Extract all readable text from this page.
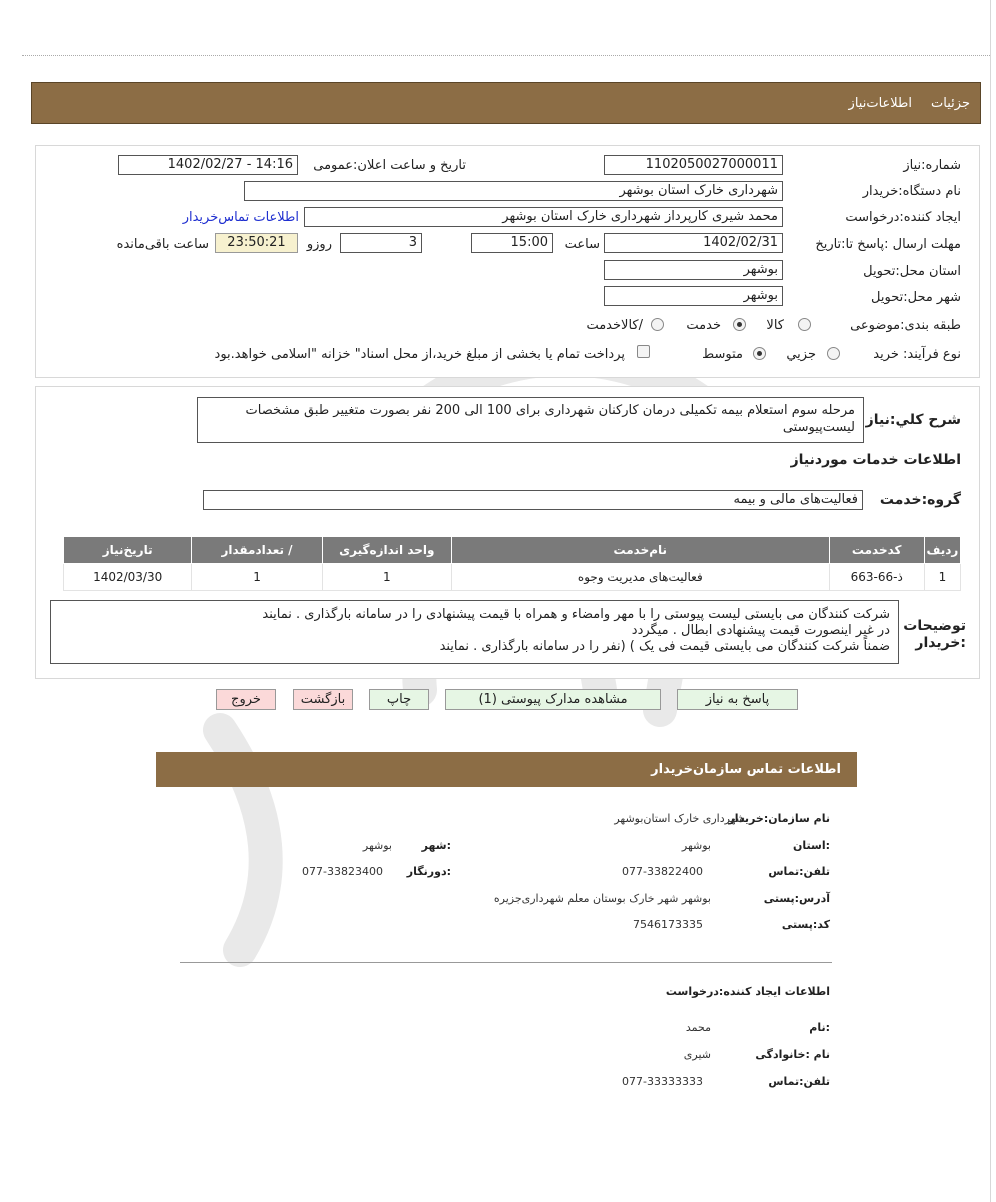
جزئیات
اطلاعات‌نیاز
شماره:نیاز
1102050027000011
تاریخ و ساعت اعلان:عمومی
1402/02/27 - 14:16
نام دستگاه:خریدار
شهرداری خارک استان بوشهر
ایجاد کننده:درخواست
محمد شیری کارپرداز شهرداری خارک استان بوشهر
اطلاعات تماس‌خریدار
مهلت ارسال :پاسخ تا:تاریخ
1402/02/31
ساعت
15:00
3
روزو
23:50:21
ساعت باقی‌مانده
استان محل:تحویل
بوشهر
شهر محل:تحویل
بوشهر
طبقه بندی:موضوعی
کالا
خدمت
/کالاخدمت
نوع فرآیند: خرید
جزیي
متوسط
پرداخت تمام یا بخشی از مبلغ خرید،از محل اسناد" خزانه "اسلامی خواهد.بود
شرح کلي:نیاز
مرحله سوم استعلام بیمه تکمیلی درمان کارکنان شهرداری برای 100 الی 200 نفر بصورت متغییر طبق مشخصات لیست‌پیوستی
اطلاعات خدمات موردنیاز
گروه:خدمت
فعالیت‌های مالی و بیمه
ردیف	کدخدمت	نام‌خدمت	واحد اندازه‌گیری	/ تعدادمقدار	تاریخ‌نیاز
1	ذ-66-663	فعالیت‌های مدیریت وجوه	1	1	1402/03/30
توضیحات :خریدار
شرکت کنندگان می بایستی لیست پیوستی را با مهر وامضاء و همراه با قیمت پیشنهادی را در سامانه بارگذاری . نمایند
در غیر اینصورت قیمت پیشنهادی ابطال . میگردد
ضمناً شرکت کنندگان می بایستی قیمت فی یک ) (نفر را در سامانه بارگذاری . نمایند
پاسخ به نیاز
مشاهده مدارک پیوستی (1)
چاپ
بازگشت
خروج
اطلاعات تماس سازمان‌خریدار
نام سازمان:خریدار
شهرداری خارک استان‌بوشهر
:استان
بوشهر
:شهر
بوشهر
تلفن:تماس
077-33822400
:دورنگار
077-33823400
آدرس:پستی
بوشهر شهر خارک بوستان معلم شهرداری‌جزیره
کد:پستی
7546173335
اطلاعات ایجاد کننده:درخواست
:نام
محمد
نام :خانوادگی
شیری
تلفن:تماس
077-33333333
